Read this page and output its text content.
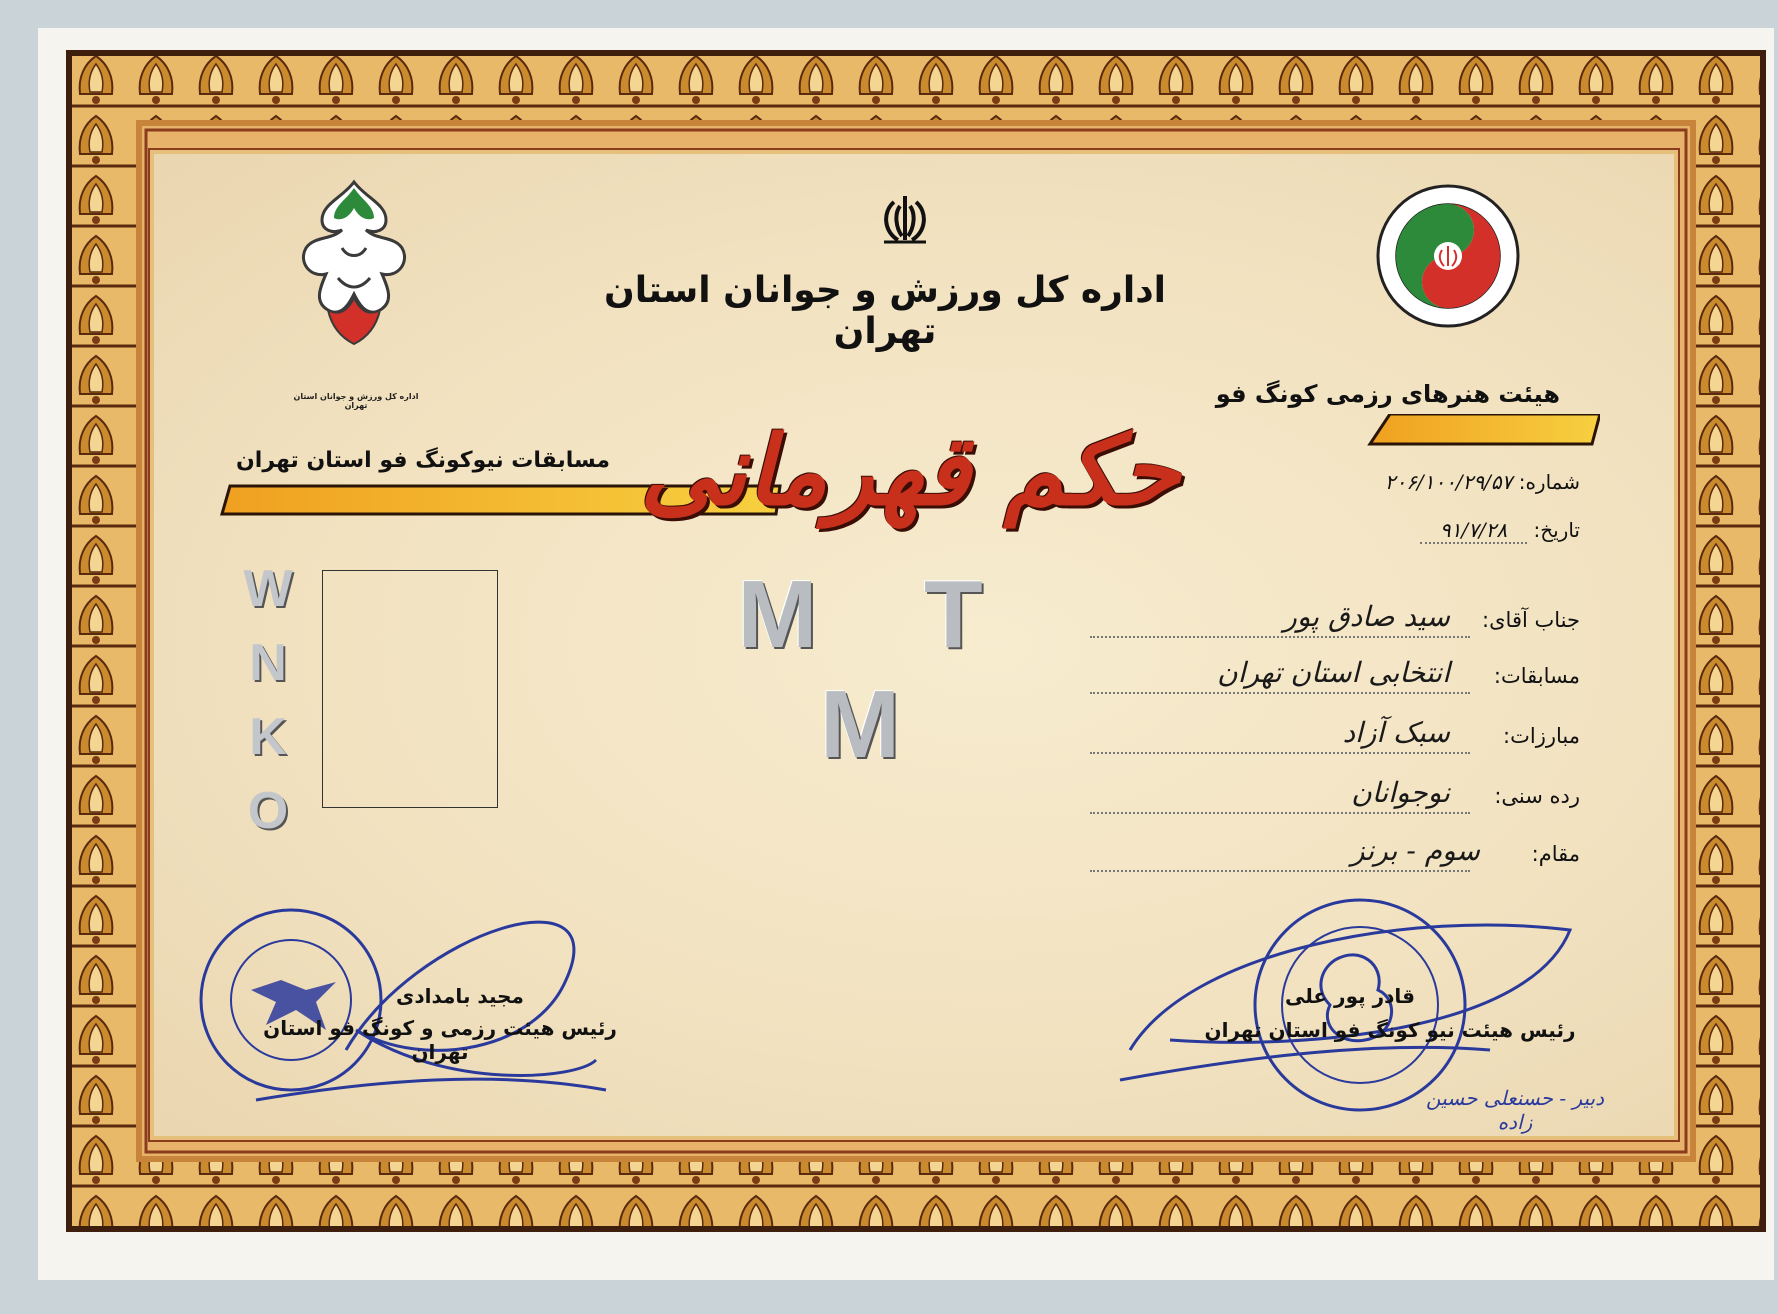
اداره کل ورزش و جوانان استان تهران
اداره کل ورزش و جوانان استان تهران
هیئت هنرهای رزمی کونگ فو
مسابقات نیوکونگ فو استان تهران حکم قهرمانی	شماره: ۲۰۶/۱۰۰/۲۹/۵۷
تاریخ: ۹۱/۷/۲۸
M T M
W
N
K
O
جناب آقای:
سید صادق پور
مسابقات:
انتخابی استان تهران
مبارزات:
سبک آزاد
رده سنی:
نوجوانان
مقام:
سوم - برنز
مجید بامدادی
رئیس هیئت رزمی و کونگ فو استان تهران
قادر پور علی
رئیس هیئت نیو کونگ فو استان تهران
دبیر - حسنعلی حسین زاده
